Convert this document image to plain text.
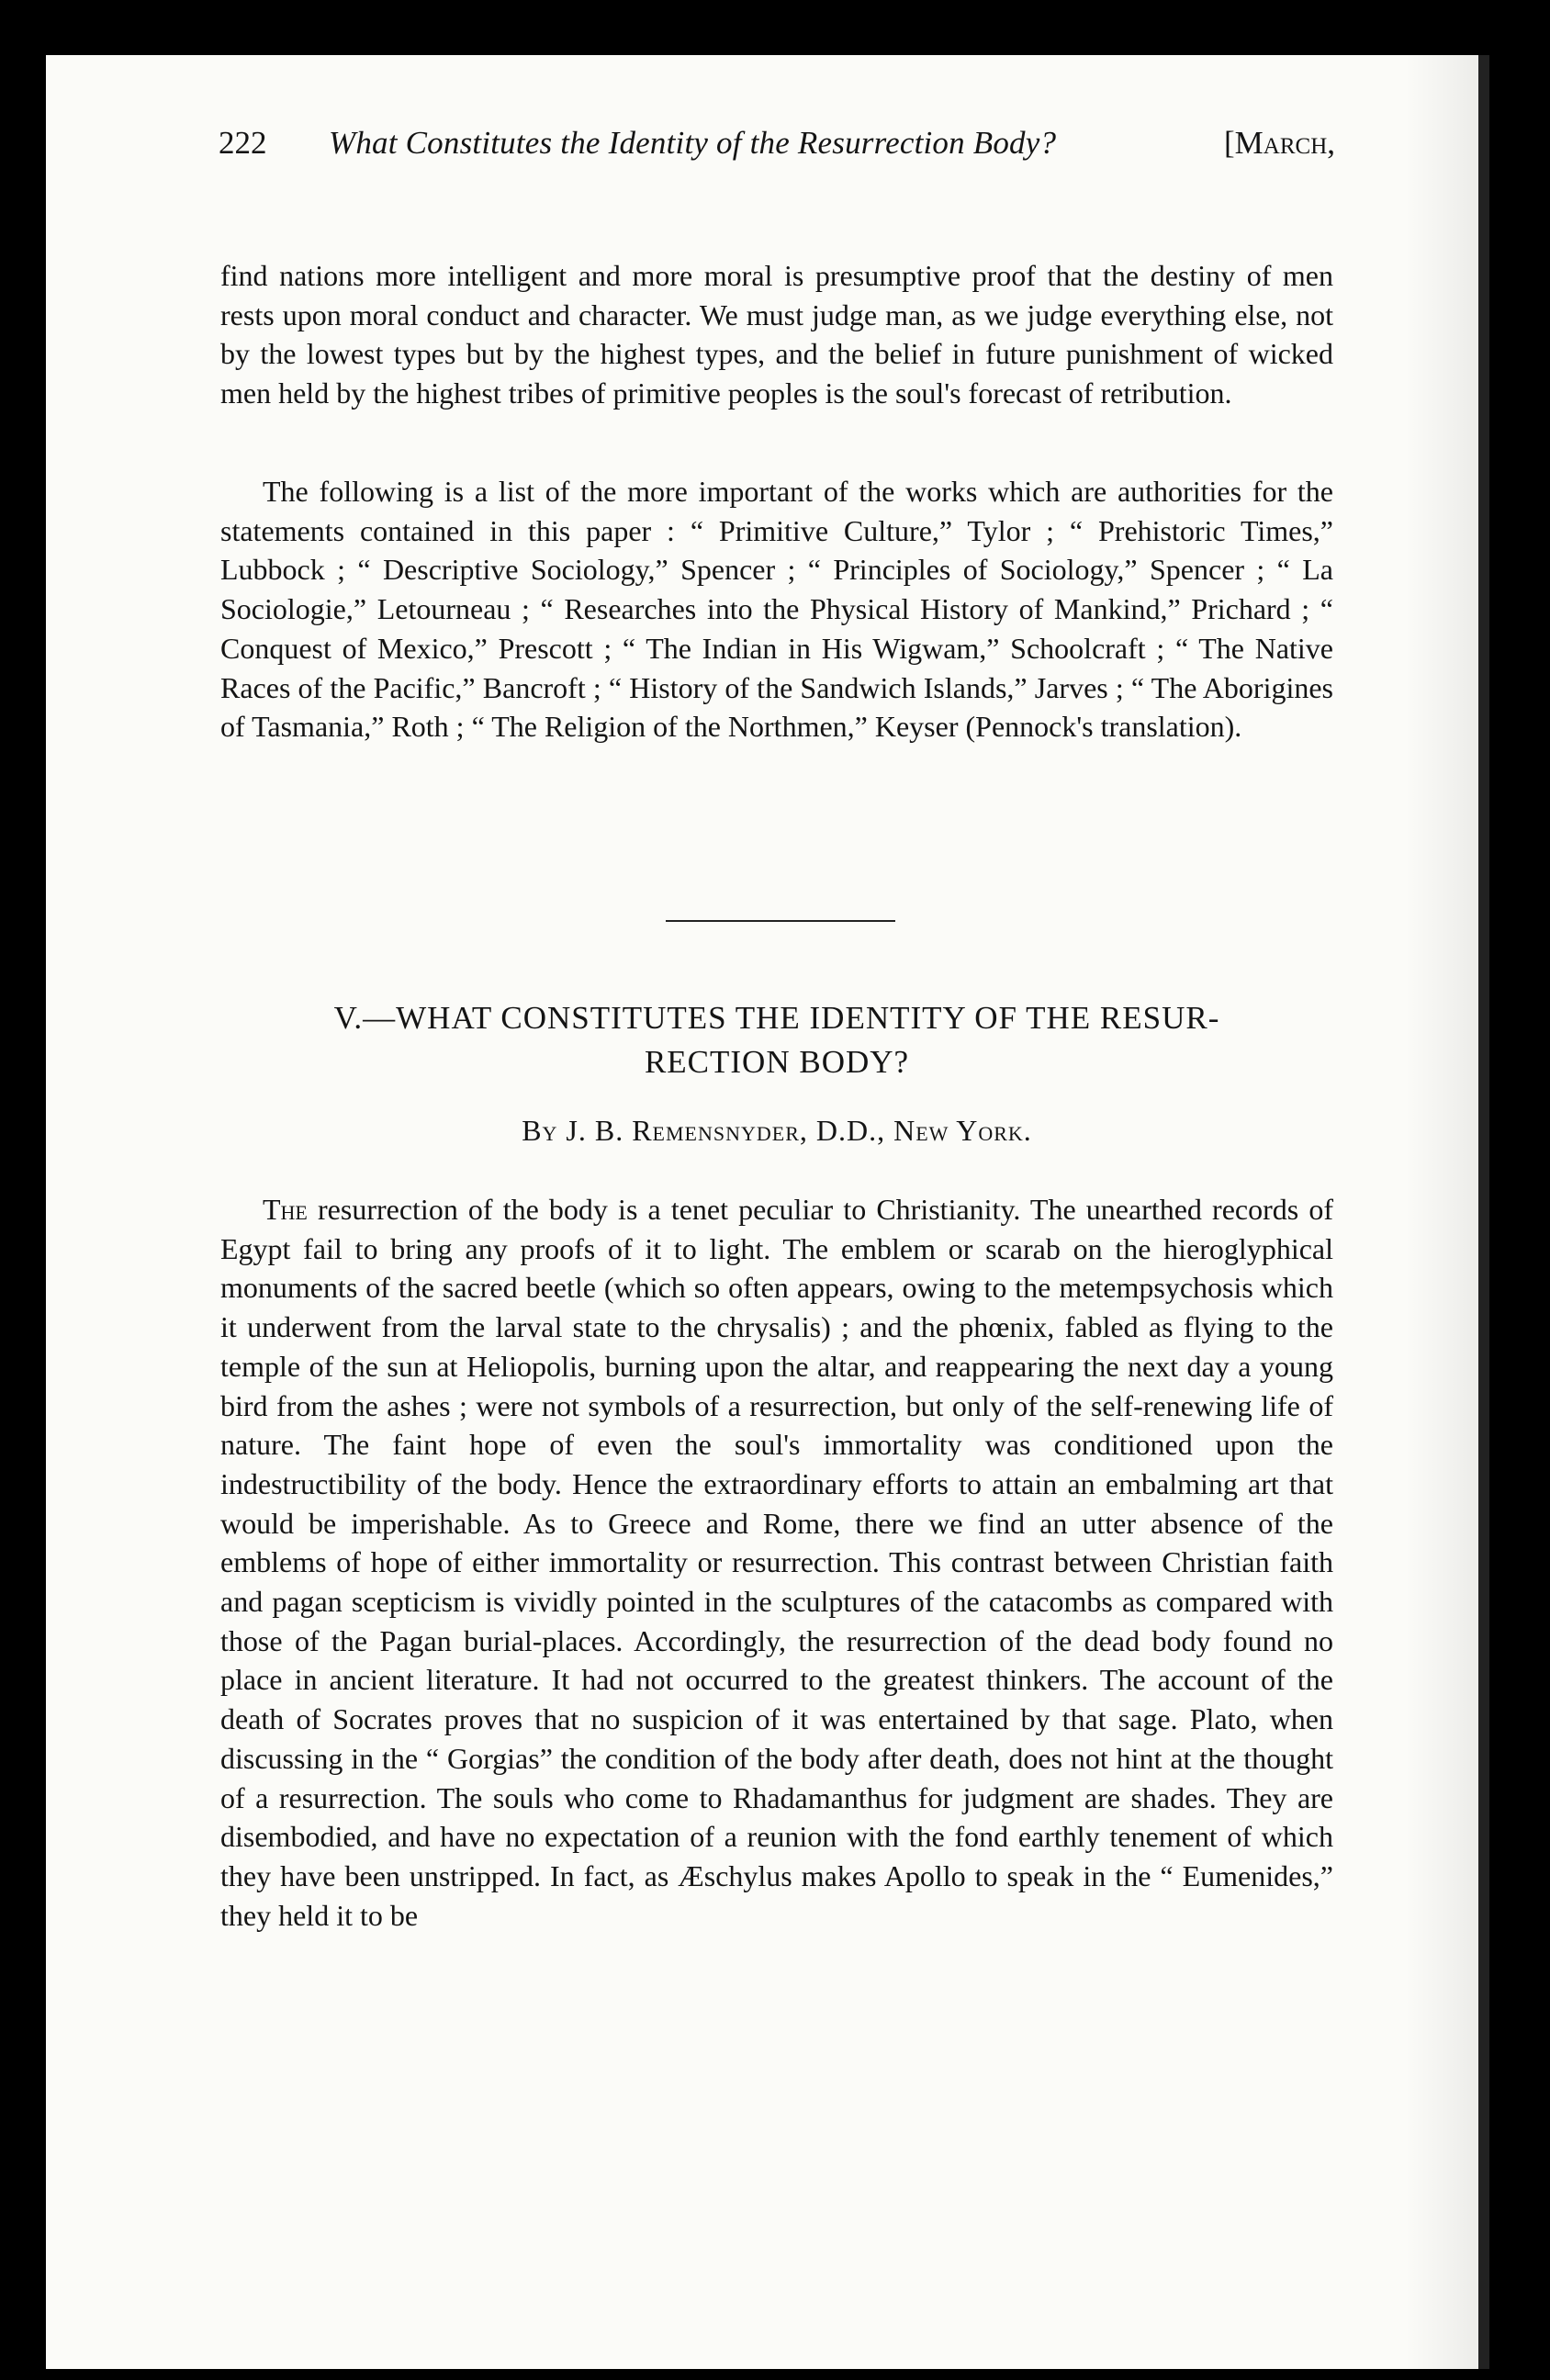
222 What Constitutes the Identity of the Resurrection Body?	[March,

find nations more intelligent and more moral is presumptive proof that the destiny of men rests upon moral conduct and character. We must judge man, as we judge everything else, not by the lowest types but by the highest types, and the belief in future punishment of wicked men held by the highest tribes of primitive peoples is the soul's forecast of retribution.

The following is a list of the more important of the works which are authorities for the statements contained in this paper : “ Primitive Culture,” Tylor ; “ Prehistoric Times,” Lubbock ; “ Descriptive Sociology,” Spencer ; “ Principles of Sociology,” Spencer ; “ La Sociologie,” Letourneau ; “ Researches into the Physical History of Mankind,” Prichard ; “ Conquest of Mexico,” Prescott ; “ The Indian in His Wigwam,” Schoolcraft ; “ The Native Races of the Pacific,” Bancroft ; “ History of the Sandwich Islands,” Jarves ; “ The Aborigines of Tasmania,” Roth ; “ The Religion of the Northmen,” Keyser (Pennock's translation).

V.—WHAT CONSTITUTES THE IDENTITY OF THE RESUR-
RECTION BODY?
By J. B. Remensnyder, D.D., New York.

The resurrection of the body is a tenet peculiar to Christianity. The unearthed records of Egypt fail to bring any proofs of it to light. The emblem or scarab on the hieroglyphical monuments of the sacred beetle (which so often appears, owing to the metempsychosis which it underwent from the larval state to the chrysalis) ; and the phœnix, fabled as flying to the temple of the sun at Heliopolis, burning upon the altar, and reappearing the next day a young bird from the ashes ; were not symbols of a resurrection, but only of the self-renewing life of nature. The faint hope of even the soul's immortality was conditioned upon the indestructibility of the body. Hence the extraordinary efforts to attain an embalming art that would be imperishable. As to Greece and Rome, there we find an utter absence of the emblems of hope of either immortality or resurrection. This contrast between Christian faith and pagan scepticism is vividly pointed in the sculptures of the catacombs as compared with those of the Pagan burial-places. Accordingly, the resurrection of the dead body found no place in ancient literature. It had not occurred to the greatest thinkers. The account of the death of Socrates proves that no suspicion of it was entertained by that sage. Plato, when discussing in the “ Gorgias” the condition of the body after death, does not hint at the thought of a resurrection. The souls who come to Rhadamanthus for judgment are shades. They are disembodied, and have no expectation of a reunion with the fond earthly tenement of which they have been unstripped. In fact, as Æschylus makes Apollo to speak in the “ Eumenides,” they held it to be
